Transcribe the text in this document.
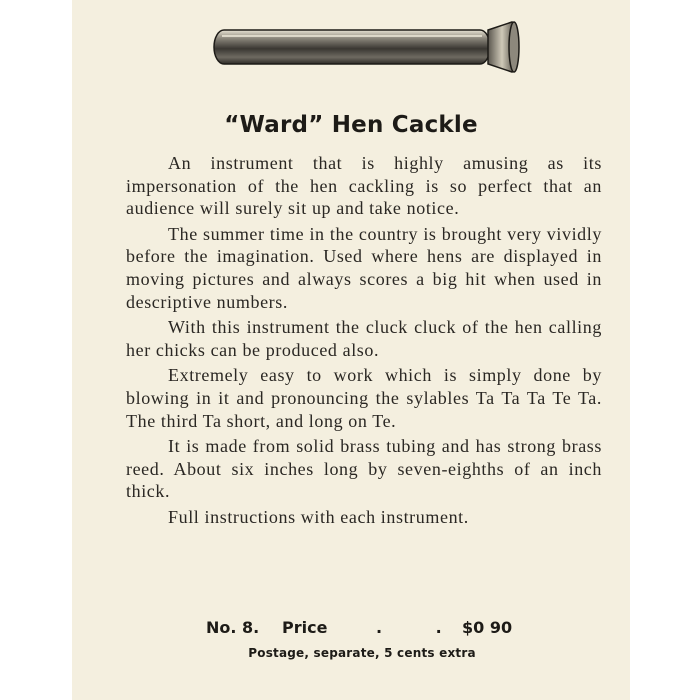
“Ward” Hen Cackle

An instrument that is highly amusing as its impersonation of the hen cackling is so perfect that an audience will surely sit up and take notice.

The summer time in the country is brought very vividly before the imagination. Used where hens are displayed in moving pictures and always scores a big hit when used in descriptive numbers.

With this instrument the cluck cluck of the hen calling her chicks can be produced also.

Extremely easy to work which is simply done by blowing in it and pronouncing the sylables Ta Ta Ta Te Ta. The third Ta short, and long on Te.

It is made from solid brass tubing and has strong brass reed. About six inches long by seven-eighths of an inch thick.

Full instructions with each instrument.

No. 8. Price	. .
$0 90
Postage, separate, 5 cents extra
